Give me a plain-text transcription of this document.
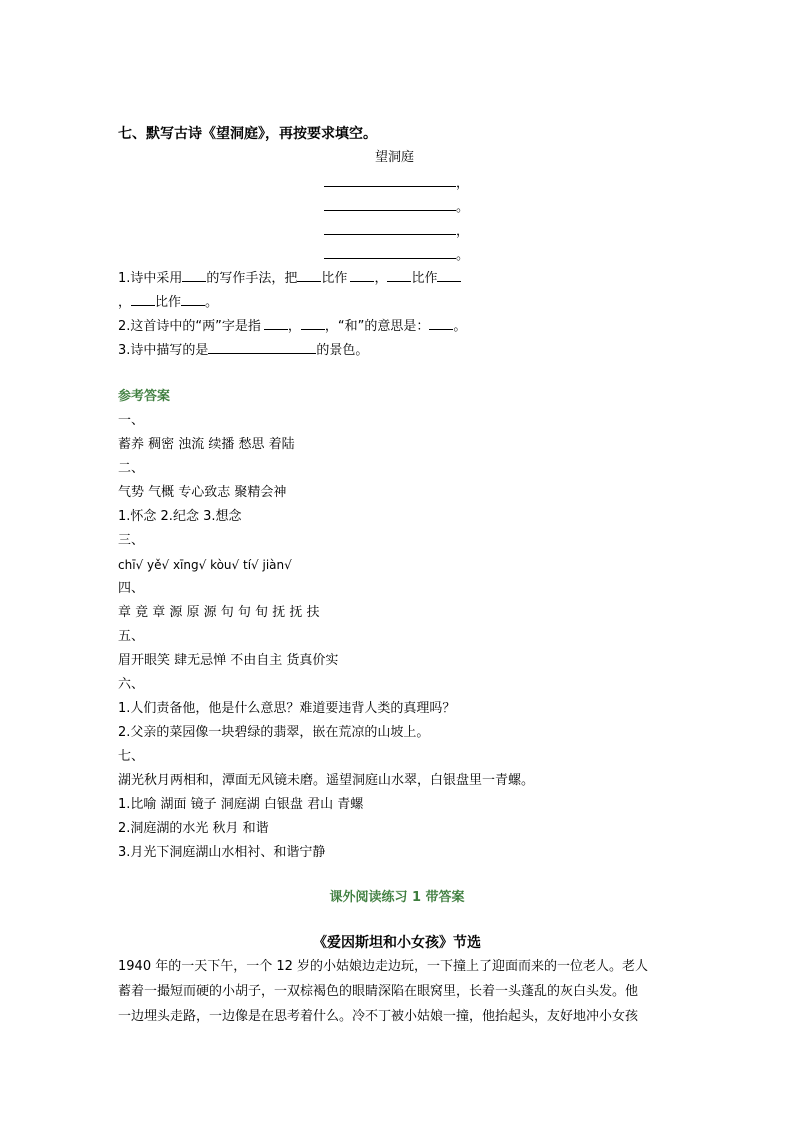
七、默写古诗《望洞庭》，再按要求填空。
望洞庭
，
。
，
。
1.诗中采用 的写作手法，把 比作 ， 比作
， 比作 。
2.这首诗中的“两”字是指 ， ，“和”的意思是： 。
3.诗中描写的是	的景色。
参考答案
一、
蓄养 稠密 浊流 续播 愁思 着陆
二、
气势 气概 专心致志 聚精会神
1.怀念 2.纪念 3.想念
三、
chī√ yě√ xīng√ kòu√ tí√ jiàn√
四、
章 竟 章 源 原 源 句 句 旬 抚 抚 扶
五、
眉开眼笑 肆无忌惮 不由自主 货真价实
六、
1.人们责备他，他是什么意思？难道要违背人类的真理吗？
2.父亲的菜园像一块碧绿的翡翠，嵌在荒凉的山坡上。
七、
湖光秋月两相和，潭面无风镜未磨。遥望洞庭山水翠，白银盘里一青螺。
1.比喻 湖面 镜子 洞庭湖 白银盘 君山 青螺
2.洞庭湖的水光 秋月 和谐
3.月光下洞庭湖山水相衬、和谐宁静
课外阅读练习 1 带答案
《爱因斯坦和小女孩》节选
1940 年的一天下午，一个 12 岁的小姑娘边走边玩，一下撞上了迎面而来的一位老人。老人
蓄着一撮短而硬的小胡子，一双棕褐色的眼睛深陷在眼窝里，长着一头蓬乱的灰白头发。他
一边埋头走路，一边像是在思考着什么。冷不丁被小姑娘一撞，他抬起头，友好地冲小女孩
